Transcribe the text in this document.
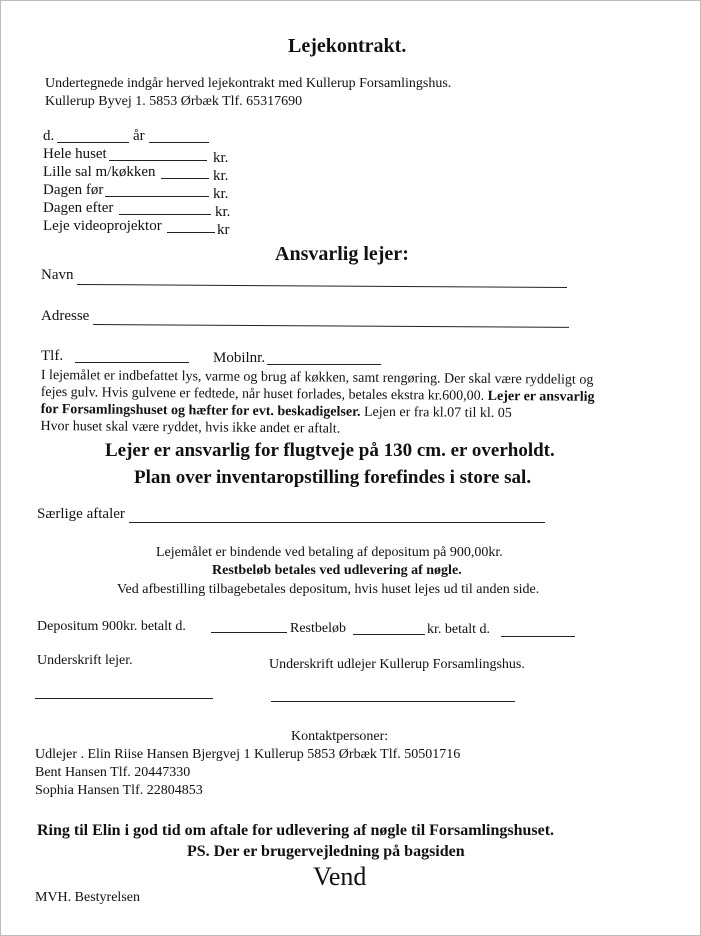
Lejekontrakt.
Undertegnede indgår herved lejekontrakt med Kullerup Forsamlingshus.
Kullerup Byvej 1. 5853 Ørbæk Tlf. 65317690
d.	år
Hele huset	kr.
Lille sal m/køkken	kr.
Dagen før	kr.
Dagen efter	kr.
Leje videoprojektor	kr
Ansvarlig lejer:
Navn
Adresse
Tlf.	Mobilnr.
I lejemålet er indbefattet lys, varme og brug af køkken, samt rengøring. Der skal være ryddeligt og
fejes gulv. Hvis gulvene er fedtede, når huset forlades, betales ekstra kr.600,00. Lejer er ansvarlig
for Forsamlingshuset og hæfter for evt. beskadigelser. Lejen er fra kl.07 til kl. 05
Hvor huset skal være ryddet, hvis ikke andet er aftalt.
Lejer er ansvarlig for flugtveje på 130 cm. er overholdt.
Plan over inventaropstilling forefindes i store sal.
Særlige aftaler
Lejemålet er bindende ved betaling af depositum på 900,00kr.
Restbeløb betales ved udlevering af nøgle.
Ved afbestilling tilbagebetales depositum, hvis huset lejes ud til anden side.
Depositum 900kr. betalt d.	Restbeløb	kr. betalt d.
Underskrift lejer.	Underskrift udlejer Kullerup Forsamlingshus.
Kontaktpersoner:
Udlejer . Elin Riise Hansen Bjergvej 1 Kullerup 5853 Ørbæk Tlf. 50501716
Bent Hansen Tlf. 20447330
Sophia Hansen Tlf. 22804853
Ring til Elin i god tid om aftale for udlevering af nøgle til Forsamlingshuset.
PS. Der er brugervejledning på bagsiden
Vend
MVH. Bestyrelsen
